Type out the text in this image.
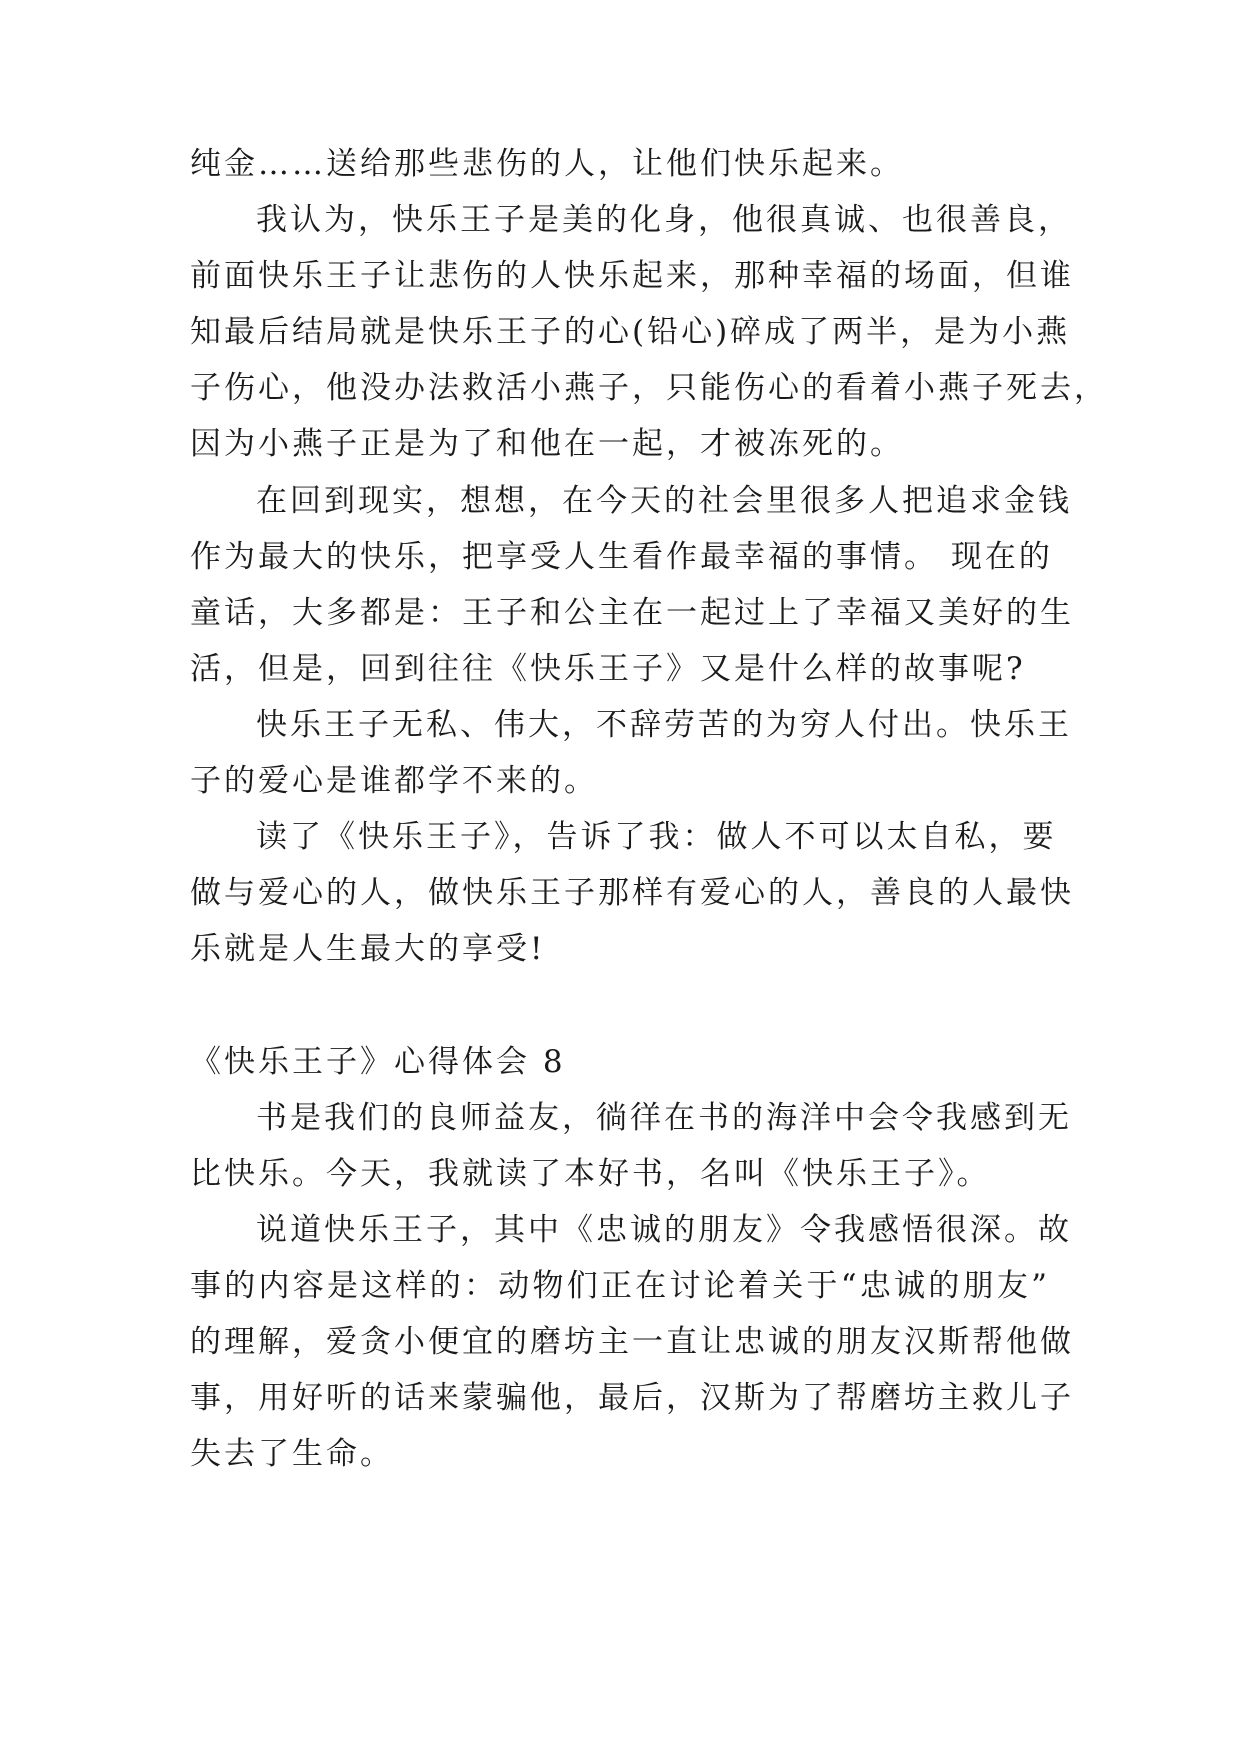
纯金……送给那些悲伤的人，让他们快乐起来。
我认为，快乐王子是美的化身，他很真诚、也很善良，
前面快乐王子让悲伤的人快乐起来，那种幸福的场面，但谁
知最后结局就是快乐王子的心(铅心)碎成了两半，是为小燕
子伤心，他没办法救活小燕子，只能伤心的看着小燕子死去，
因为小燕子正是为了和他在一起，才被冻死的。
在回到现实，想想，在今天的社会里很多人把追求金钱
作为最大的快乐，把享受人生看作最幸福的事情。 现在的
童话，大多都是：王子和公主在一起过上了幸福又美好的生
活，但是，回到往往《快乐王子》又是什么样的故事呢?
快乐王子无私、伟大，不辞劳苦的为穷人付出。快乐王
子的爱心是谁都学不来的。
读了《快乐王子》，告诉了我：做人不可以太自私，要
做与爱心的人，做快乐王子那样有爱心的人，善良的人最快
乐就是人生最大的享受!
《快乐王子》心得体会 8
书是我们的良师益友，徜徉在书的海洋中会令我感到无
比快乐。今天，我就读了本好书，名叫《快乐王子》。
说道快乐王子，其中《忠诚的朋友》令我感悟很深。故
事的内容是这样的：动物们正在讨论着关于“忠诚的朋友”
的理解，爱贪小便宜的磨坊主一直让忠诚的朋友汉斯帮他做
事，用好听的话来蒙骗他，最后，汉斯为了帮磨坊主救儿子
失去了生命。
